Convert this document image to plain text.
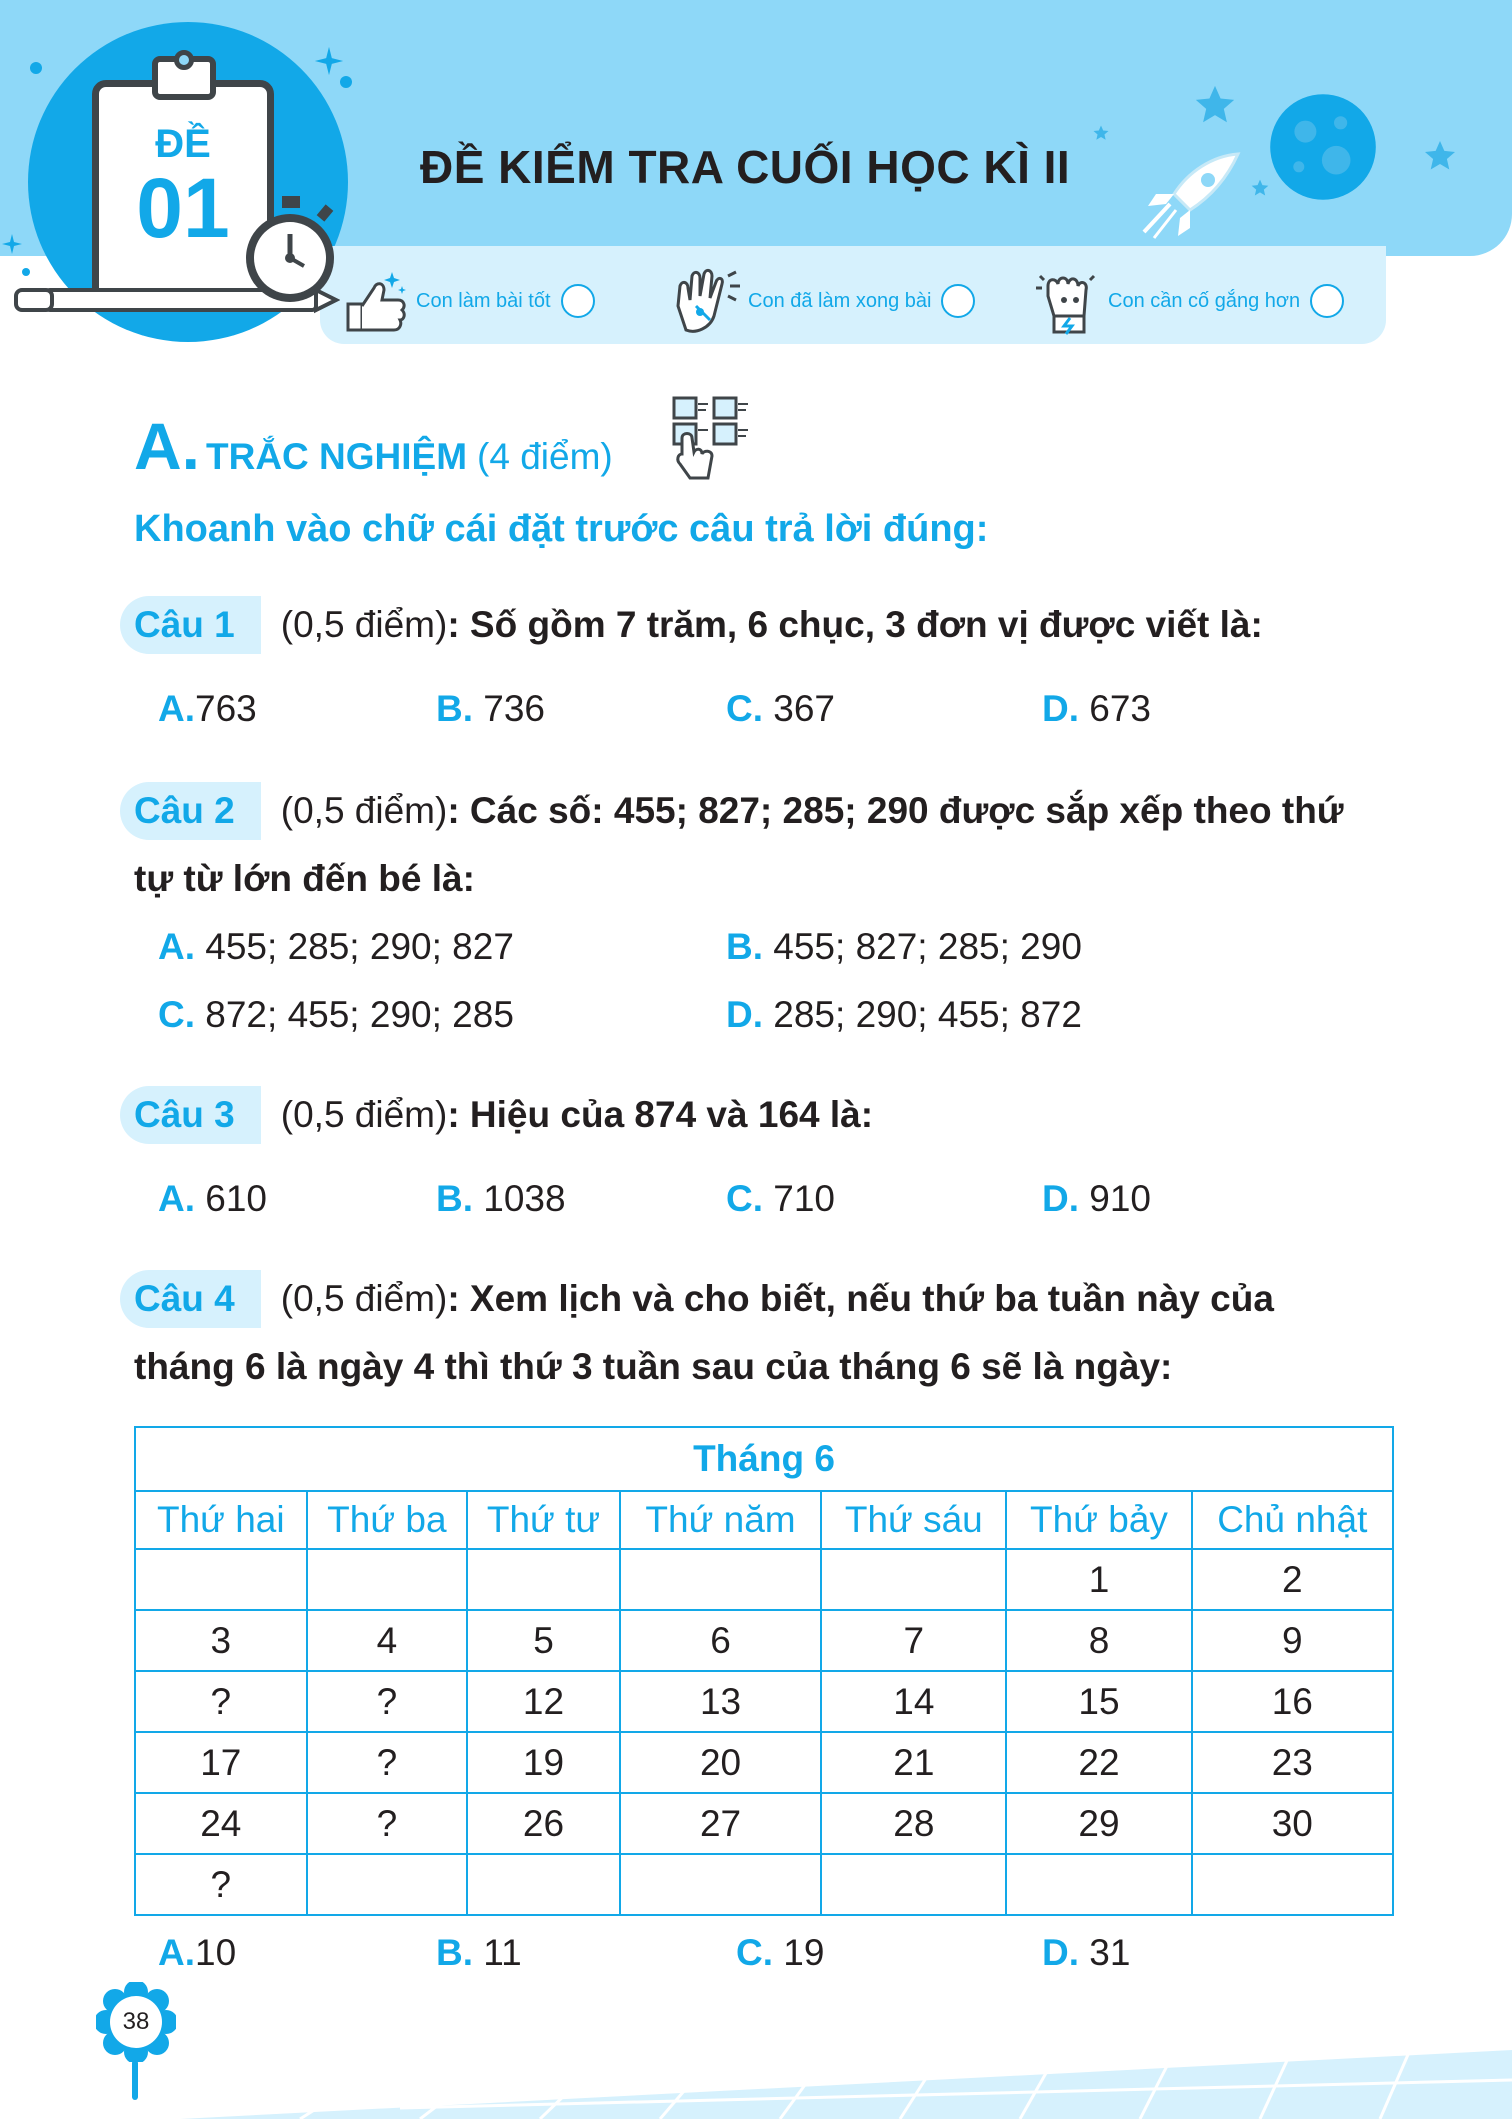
ĐỀ
01	ĐỀ KIỂM TRA CUỐI HỌC KÌ II
Con làm bài tốt	Con đã làm xong bài	Con cần cố gắng hơn
A. TRẮC NGHIỆM (4 điểm)
Khoanh vào chữ cái đặt trước câu trả lời đúng:
Câu 1	(0,5 điểm) : Số gồm 7 trăm, 6 chục, 3 đơn vị được viết là:
A.763	B. 736	C. 367	D. 673
Câu 2	(0,5 điểm) : Các số: 455; 827; 285; 290 được sắp xếp theo thứ
tự từ lớn đến bé là:
A. 455; 285; 290; 827	B. 455; 827; 285; 290
C. 872; 455; 290; 285	D. 285; 290; 455; 872
Câu 3	(0,5 điểm) : Hiệu của 874 và 164 là:
A. 610	B. 1038	C. 710	D. 910
Câu 4	(0,5 điểm) : Xem lịch và cho biết, nếu thứ ba tuần này của
tháng 6 là ngày 4 thì thứ 3 tuần sau của tháng 6 sẽ là ngày:
Tháng 6						
Thứ hai	Thứ ba	Thứ tư	Thứ năm	Thứ sáu	Thứ bảy	Chủ nhật
					1	2
3	4	5	6	7	8	9
?	?	12	13	14	15	16
17	?	19	20	21	22	23
24	?	26	27	28	29	30
?						
A.10	B. 11	C. 19	D. 31
38
